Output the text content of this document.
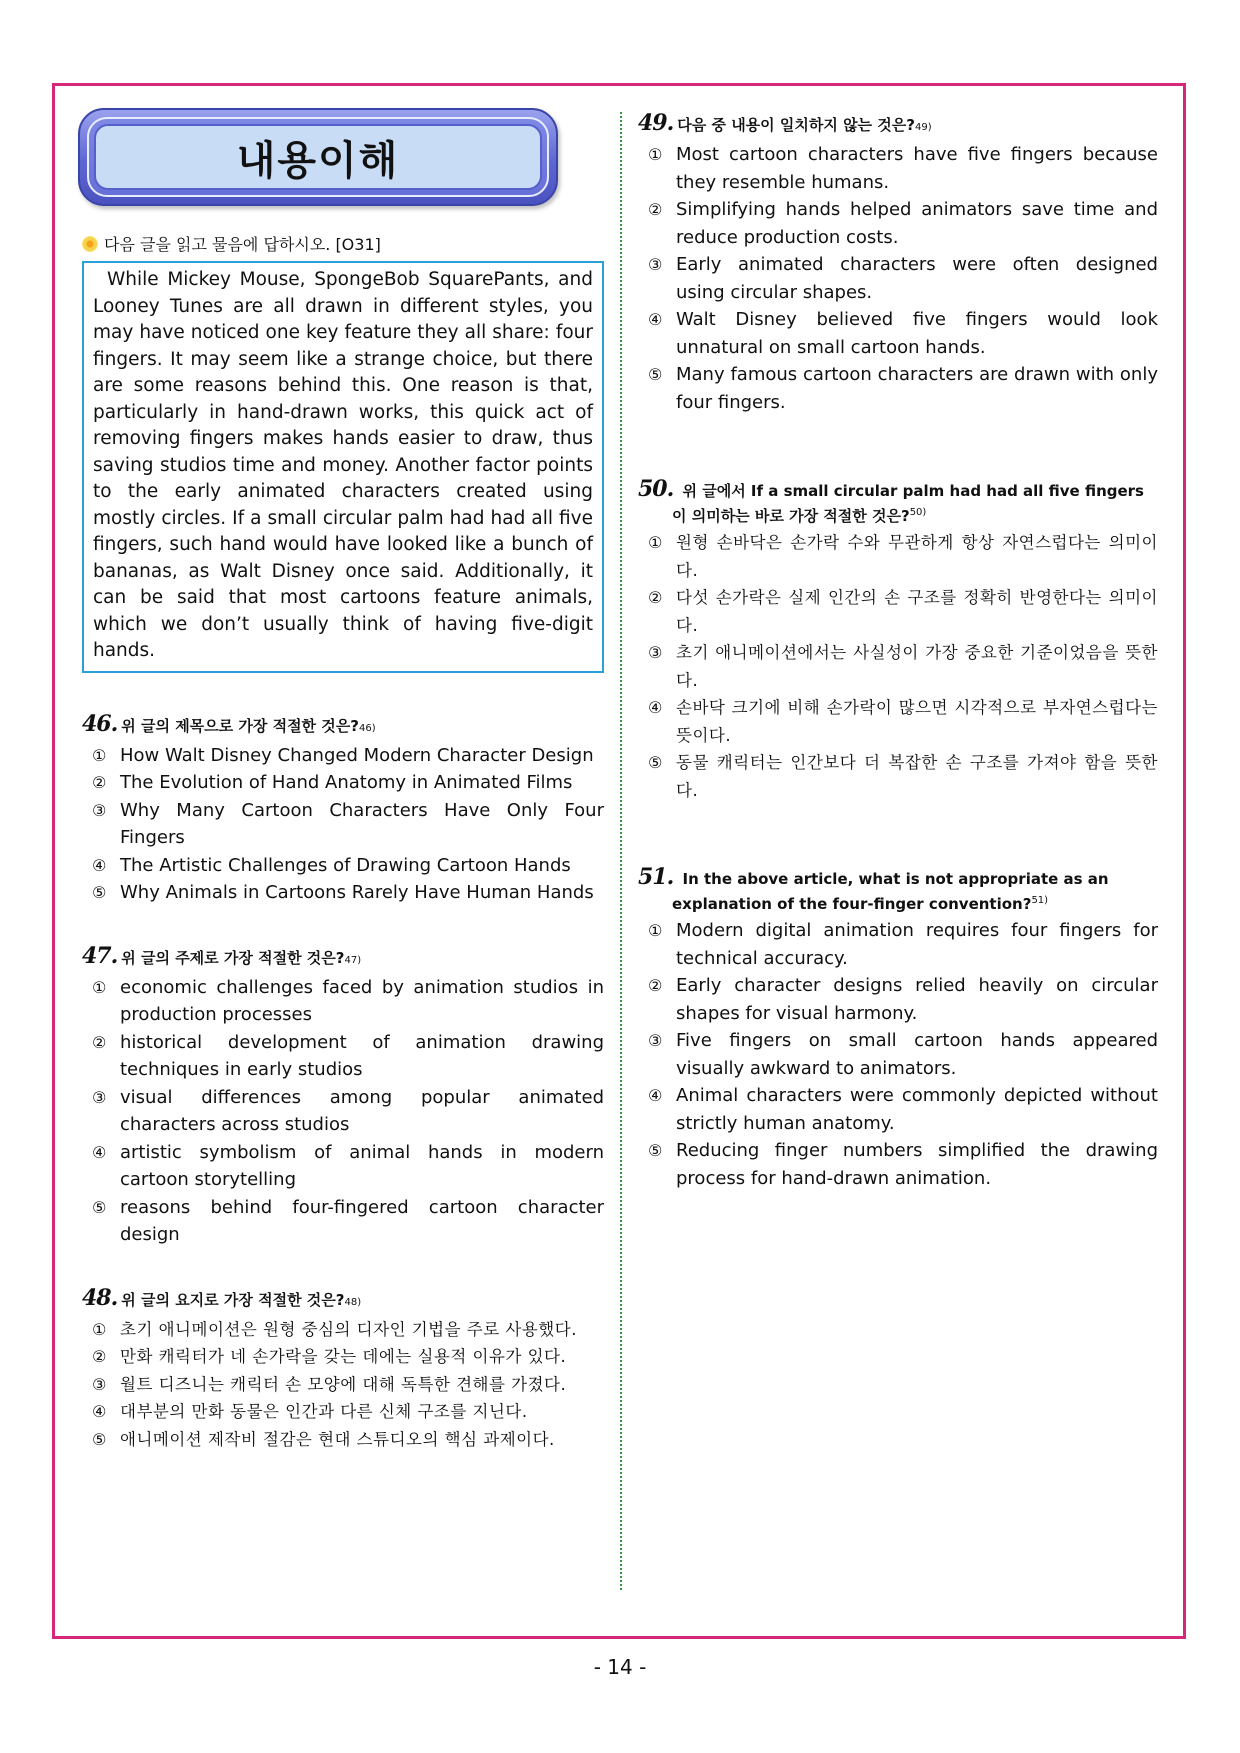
내용이해
다음 글을 읽고 물음에 답하시오. [O31]
While Mickey Mouse, SpongeBob SquarePants, and Looney Tunes are all drawn in different styles, you may have noticed one key feature they all share: four fingers. It may seem like a strange choice, but there are some reasons behind this. One reason is that, particularly in hand-drawn works, this quick act of removing fingers makes hands easier to draw, thus saving studios time and money. Another factor points to the early animated characters created using mostly circles. If a small circular palm had had all five fingers, such hand would have looked like a bunch of bananas, as Walt Disney once said. Additionally, it can be said that most cartoons feature animals, which we don’t usually think of having five-digit hands.
46. 위 글의 제목으로 가장 적절한 것은? 46)
① How Walt Disney Changed Modern Character Design
② The Evolution of Hand Anatomy in Animated Films
③ Why Many Cartoon Characters Have Only Four Fingers
④ The Artistic Challenges of Drawing Cartoon Hands
⑤ Why Animals in Cartoons Rarely Have Human Hands
47. 위 글의 주제로 가장 적절한 것은? 47)
① economic challenges faced by animation studios in production processes
② historical development of animation drawing techniques in early studios
③ visual differences among popular animated characters across studios
④ artistic symbolism of animal hands in modern cartoon storytelling
⑤ reasons behind four-fingered cartoon character design
48. 위 글의 요지로 가장 적절한 것은? 48)
① 초기 애니메이션은 원형 중심의 디자인 기법을 주로 사용했다.
② 만화 캐릭터가 네 손가락을 갖는 데에는 실용적 이유가 있다.
③ 월트 디즈니는 캐릭터 손 모양에 대해 독특한 견해를 가졌다.
④ 대부분의 만화 동물은 인간과 다른 신체 구조를 지닌다.
⑤ 애니메이션 제작비 절감은 현대 스튜디오의 핵심 과제이다.
49. 다음 중 내용이 일치하지 않는 것은? 49)
① Most cartoon characters have five fingers because they resemble humans.
② Simplifying hands helped animators save time and reduce production costs.
③ Early animated characters were often designed using circular shapes.
④ Walt Disney believed five fingers would look unnatural on small cartoon hands.
⑤ Many famous cartoon characters are drawn with only four fingers.
50. 위 글에서 If a small circular palm had had all five fingers
이 의미하는 바로 가장 적절한 것은?$^{50)}$
① 원형 손바닥은 손가락 수와 무관하게 항상 자연스럽다는 의미이다.
② 다섯 손가락은 실제 인간의 손 구조를 정확히 반영한다는 의미이다.
③ 초기 애니메이션에서는 사실성이 가장 중요한 기준이었음을 뜻한다.
④ 손바닥 크기에 비해 손가락이 많으면 시각적으로 부자연스럽다는 뜻이다.
⑤ 동물 캐릭터는 인간보다 더 복잡한 손 구조를 가져야 함을 뜻한다.
51. In the above article, what is not appropriate as an
explanation of the four-finger convention?$^{51)}$
① Modern digital animation requires four fingers for technical accuracy.
② Early character designs relied heavily on circular shapes for visual harmony.
③ Five fingers on small cartoon hands appeared visually awkward to animators.
④ Animal characters were commonly depicted without strictly human anatomy.
⑤ Reducing finger numbers simplified the drawing process for hand-drawn animation.
- 14 -
